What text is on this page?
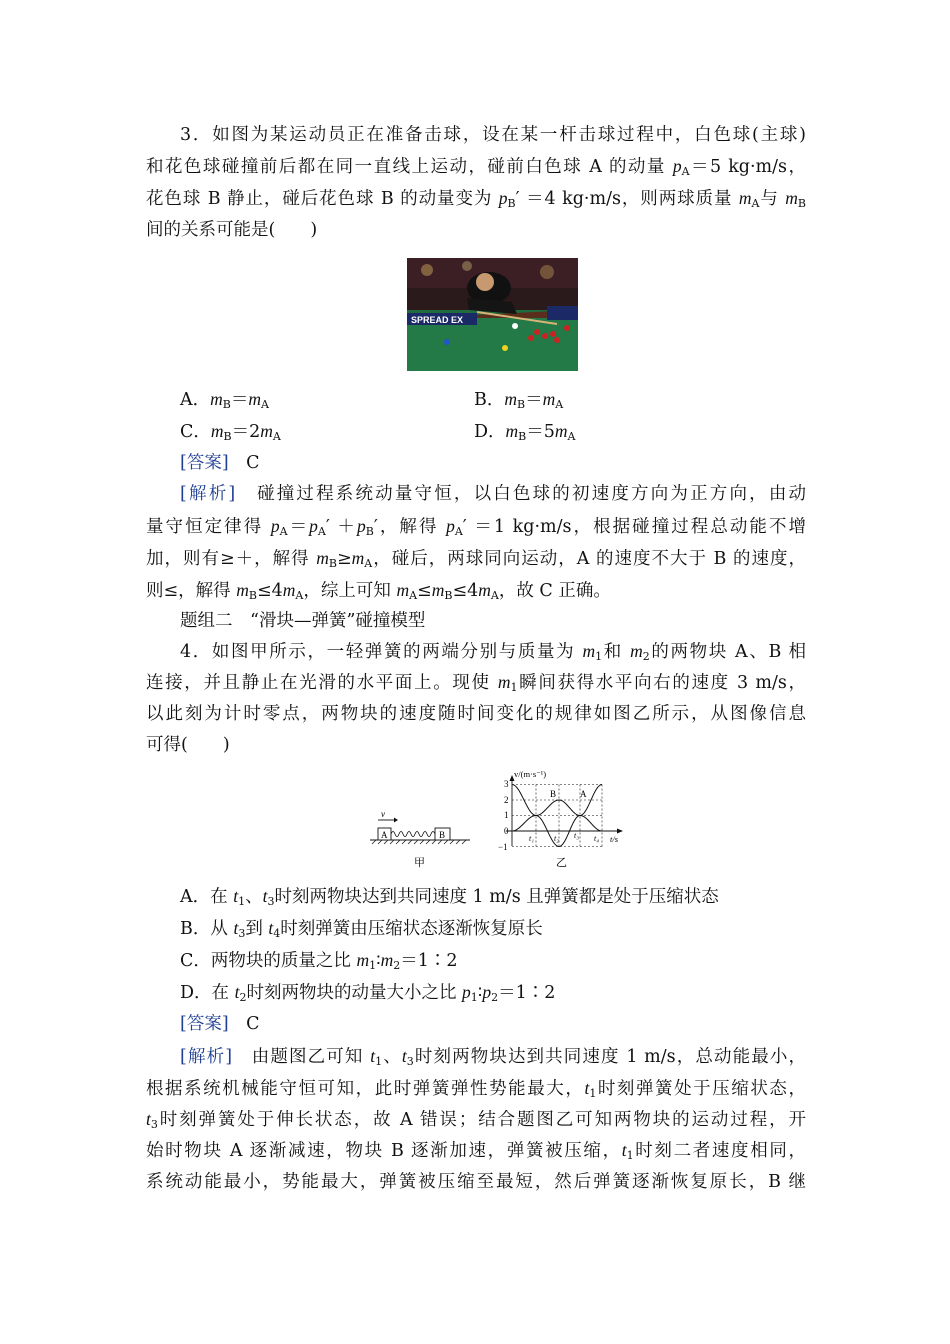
3．如图为某运动员正在准备击球，设在某一杆击球过程中，白色球(主球)
和花色球碰撞前后都在同一直线上运动，碰前白色球 A 的动量 $p_A=5$ kg·m/s，
花色球 B 静止，碰后花色球 B 的动量变为 $p_B' =4$ kg·m/s，则两球质量 $m_A$与 $m_B$
间的关系可能是(　　)
SPREAD EX
A．$m_B=m_A$	B．$m_B=m_A$
C．$m_B=2m_A$	D．$m_B=5m_A$
[答案]　C
[解析]　碰撞过程系统动量守恒，以白色球的初速度方向为正方向，由动
量守恒定律得 $p_A=p_A' +p_B'$，解得 $p_A' =1$ kg·m/s，根据碰撞过程总动能不增
加，则有≥＋，解得 $m_B\ge m_A$，碰后，两球同向运动，A 的速度不大于 B 的速度，
则≤，解得 $m_B\le 4m_A$，综上可知 $m_A\le m_B\le 4m_A$，故 C 正确。
题组二　“滑块—弹簧”碰撞模型
4．如图甲所示，一轻弹簧的两端分别与质量为 $m_1$和 $m_2$的两物块 A、B 相
连接，并且静止在光滑的水平面上。现使 $m_1$瞬间获得水平向右的速度 3 m/s，
以此刻为计时零点，两物块的速度随时间变化的规律如图乙所示，从图像信息
可得(　　)
A	B
v
甲
v/(m·s⁻¹)
t/s
3
2
1
0
−1
t₁ t₂ t₃ t₄
B	A
乙
A．在 $t_1$、$t_3$时刻两物块达到共同速度 1 m/s 且弹簧都是处于压缩状态
B．从 $t_3$到 $t_4$时刻弹簧由压缩状态逐渐恢复原长
C．两物块的质量之比 $m_1∶m_2=1∶2$
D．在 $t_2$时刻两物块的动量大小之比 $p_1∶p_2=1∶2$
[答案]　C
[解析]　由题图乙可知 $t_1$、$t_3$时刻两物块达到共同速度 1 m/s，总动能最小，
根据系统机械能守恒可知，此时弹簧弹性势能最大，$t_1$时刻弹簧处于压缩状态，
$t_3$时刻弹簧处于伸长状态，故 A 错误；结合题图乙可知两物块的运动过程，开
始时物块 A 逐渐减速，物块 B 逐渐加速，弹簧被压缩，$t_1$时刻二者速度相同，
系统动能最小，势能最大，弹簧被压缩至最短，然后弹簧逐渐恢复原长，B 继
